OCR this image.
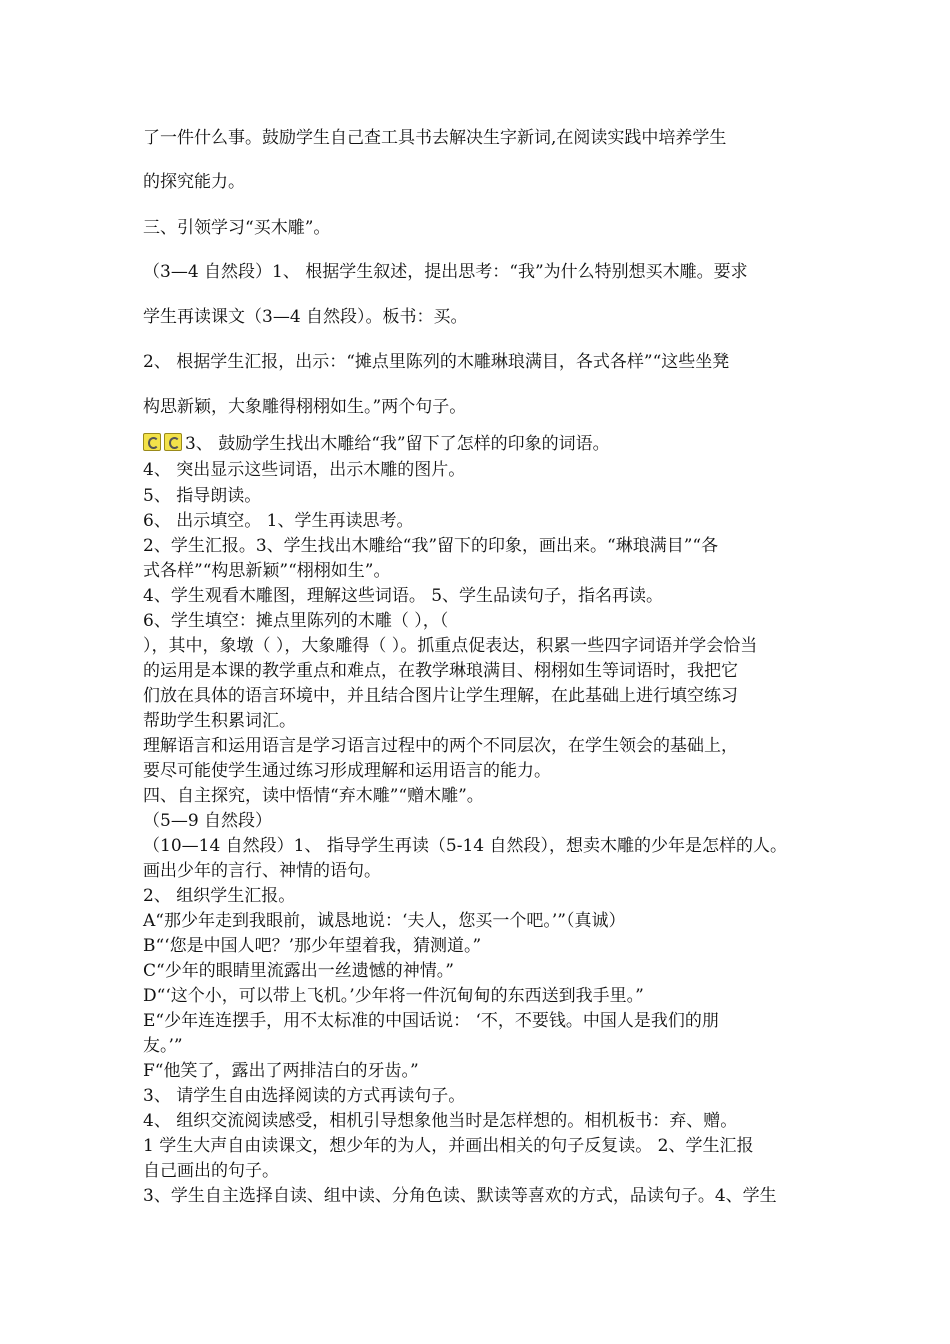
了一件什么事。鼓励学生自己查工具书去解决生字新词,在阅读实践中培养学生
的探究能力。
三、引领学习“买木雕”。
（3—4 自然段）1、 根据学生叙述，提出思考：“我”为什么特别想买木雕。要求
学生再读课文（3—4 自然段）。板书：买。
2、 根据学生汇报，出示：“摊点里陈列的木雕琳琅满目，各式各样”“这些坐凳
构思新颖，大象雕得栩栩如生。”两个句子。
3、 鼓励学生找出木雕给“我”留下了怎样的印象的词语。
4、 突出显示这些词语，出示木雕的图片。
5、 指导朗读。
6、 出示填空。 1、学生再读思考。
2、学生汇报。3、学生找出木雕给“我”留下的印象，画出来。“琳琅满目”“各
式各样”“构思新颖”“栩栩如生”。
4、学生观看木雕图，理解这些词语。 5、学生品读句子，指名再读。
6、学生填空：摊点里陈列的木雕（ ），（
），其中，象墩（ ），大象雕得（ ）。抓重点促表达，积累一些四字词语并学会恰当
的运用是本课的教学重点和难点，在教学琳琅满目、栩栩如生等词语时，我把它
们放在具体的语言环境中，并且结合图片让学生理解，在此基础上进行填空练习
帮助学生积累词汇。
理解语言和运用语言是学习语言过程中的两个不同层次，在学生领会的基础上，
要尽可能使学生通过练习形成理解和运用语言的能力。
四、自主探究，读中悟情“弃木雕”“赠木雕”。
（5—9 自然段）
（10—14 自然段）1、 指导学生再读（5-14 自然段），想卖木雕的少年是怎样的人。
画出少年的言行、神情的语句。
2、 组织学生汇报。
A“那少年走到我眼前，诚恳地说：‘夫人，您买一个吧。’”（真诚）
B“‘您是中国人吧？’那少年望着我，猜测道。”
C“少年的眼睛里流露出一丝遗憾的神情。”
D“‘这个小，可以带上飞机。’少年将一件沉甸甸的东西送到我手里。”
E“少年连连摆手，用不太标准的中国话说： ‘不，不要钱。中国人是我们的朋
友。’”
F“他笑了，露出了两排洁白的牙齿。”
3、 请学生自由选择阅读的方式再读句子。
4、 组织交流阅读感受，相机引导想象他当时是怎样想的。相机板书：弃、赠。
1 学生大声自由读课文，想少年的为人，并画出相关的句子反复读。 2、学生汇报
自己画出的句子。
3、学生自主选择自读、组中读、分角色读、默读等喜欢的方式，品读句子。4、学生
